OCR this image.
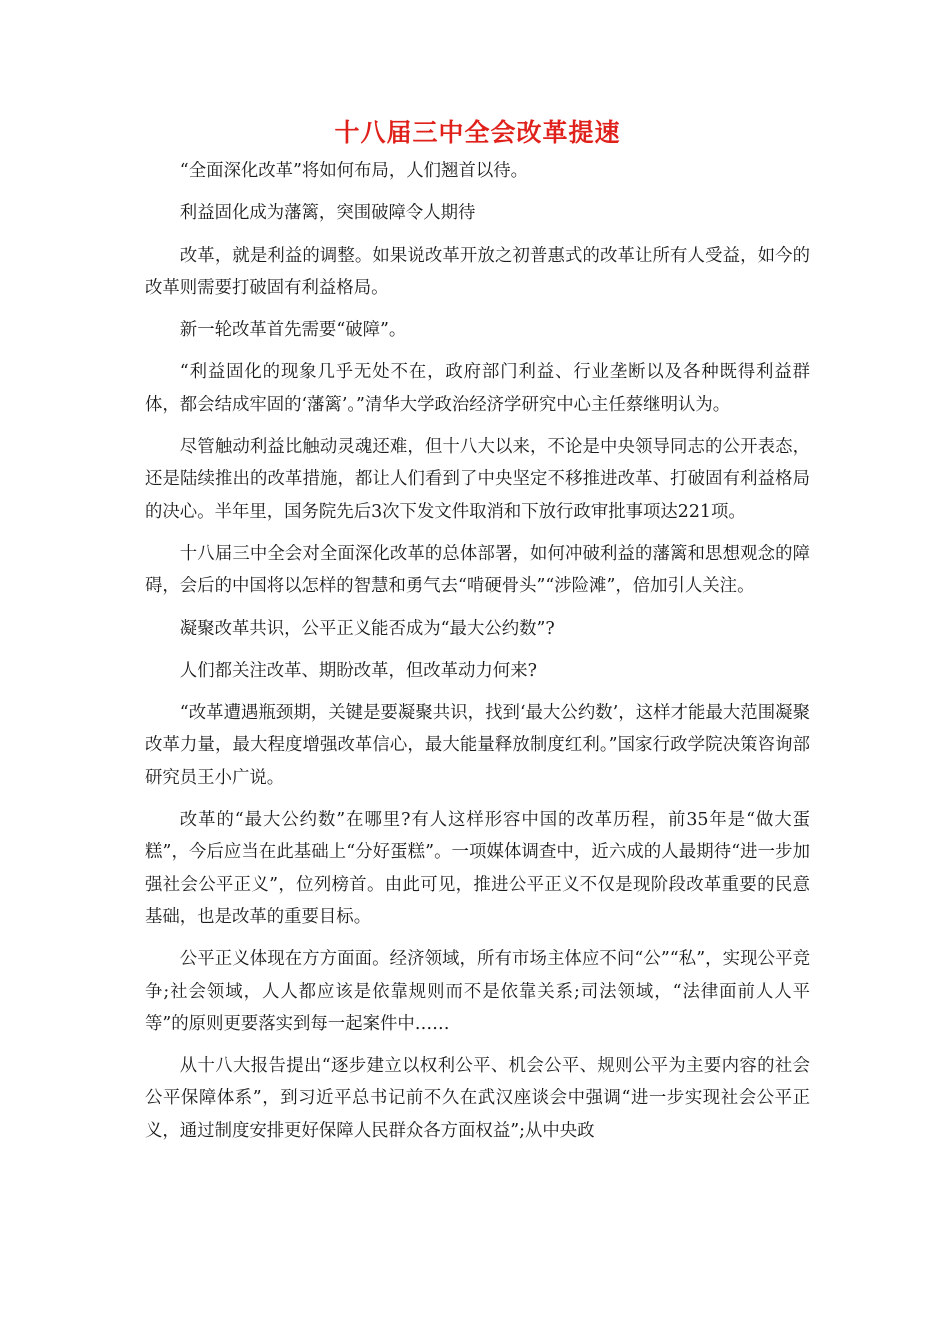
十八届三中全会改革提速

“全面深化改革”将如何布局，人们翘首以待。

利益固化成为藩篱，突围破障令人期待

改革，就是利益的调整。如果说改革开放之初普惠式的改革让所有人受益，如今的改革则需要打破固有利益格局。

新一轮改革首先需要“破障”。

“利益固化的现象几乎无处不在，政府部门利益、行业垄断以及各种既得利益群体，都会结成牢固的‘藩篱’。”清华大学政治经济学研究中心主任蔡继明认为。

尽管触动利益比触动灵魂还难，但十八大以来，不论是中央领导同志的公开表态，还是陆续推出的改革措施，都让人们看到了中央坚定不移推进改革、打破固有利益格局的决心。半年里，国务院先后3次下发文件取消和下放行政审批事项达221项。

十八届三中全会对全面深化改革的总体部署，如何冲破利益的藩篱和思想观念的障碍，会后的中国将以怎样的智慧和勇气去“啃硬骨头”“涉险滩”，倍加引人关注。

凝聚改革共识，公平正义能否成为“最大公约数”?

人们都关注改革、期盼改革，但改革动力何来?

“改革遭遇瓶颈期，关键是要凝聚共识，找到‘最大公约数’，这样才能最大范围凝聚改革力量，最大程度增强改革信心，最大能量释放制度红利。”国家行政学院决策咨询部研究员王小广说。

改革的“最大公约数”在哪里?有人这样形容中国的改革历程，前35年是“做大蛋糕”，今后应当在此基础上“分好蛋糕”。一项媒体调查中，近六成的人最期待“进一步加强社会公平正义”，位列榜首。由此可见，推进公平正义不仅是现阶段改革重要的民意基础，也是改革的重要目标。

公平正义体现在方方面面。经济领域，所有市场主体应不问“公”“私”，实现公平竞争;社会领域，人人都应该是依靠规则而不是依靠关系;司法领域，“法律面前人人平等”的原则更要落实到每一起案件中……

从十八大报告提出“逐步建立以权利公平、机会公平、规则公平为主要内容的社会公平保障体系”，到习近平总书记前不久在武汉座谈会中强调“进一步实现社会公平正义，通过制度安排更好保障人民群众各方面权益”;从中央政
